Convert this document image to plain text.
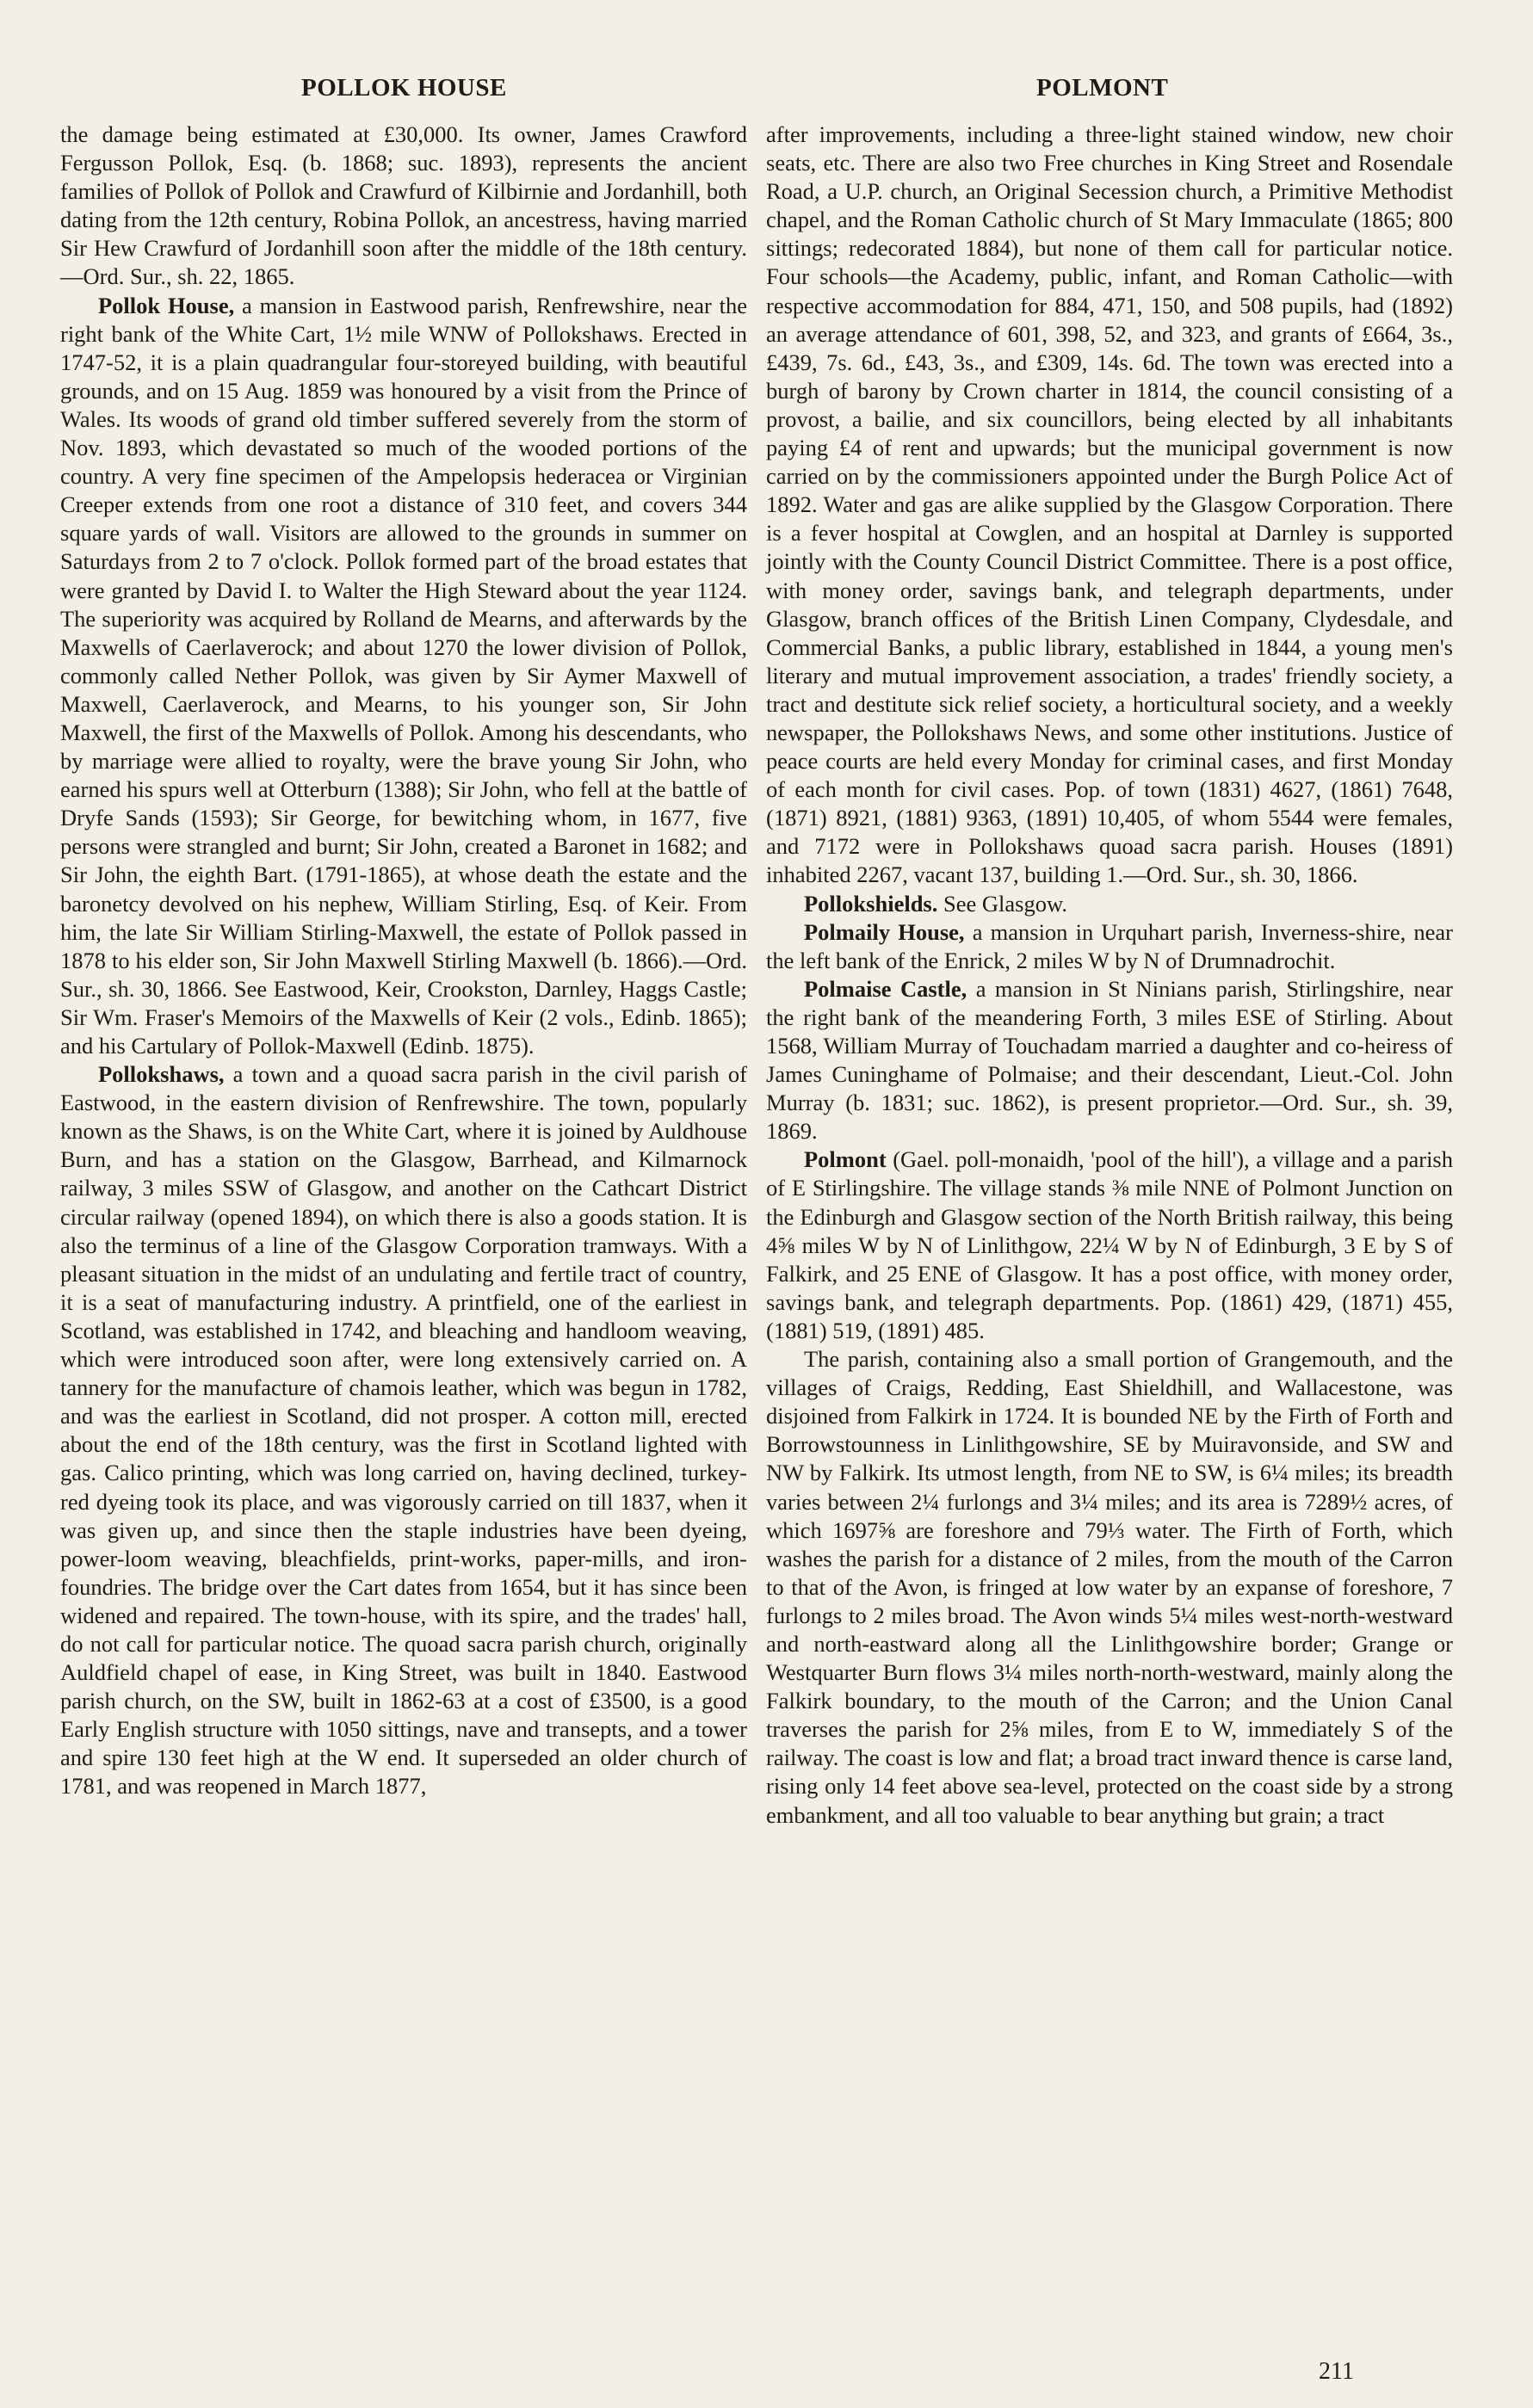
POLLOK HOUSE	POLMONT

the damage being estimated at £30,000. Its owner, James Crawford Fergusson Pollok, Esq. (b. 1868; suc. 1893), represents the ancient families of Pollok of Pollok and Crawfurd of Kilbirnie and Jordanhill, both dating from the 12th century, Robina Pollok, an ancestress, having married Sir Hew Crawfurd of Jordanhill soon after the middle of the 18th century.—Ord. Sur., sh. 22, 1865.

Pollok House, a mansion in Eastwood parish, Renfrewshire, near the right bank of the White Cart, 1½ mile WNW of Pollokshaws. Erected in 1747-52, it is a plain quadrangular four-storeyed building, with beautiful grounds, and on 15 Aug. 1859 was honoured by a visit from the Prince of Wales. Its woods of grand old timber suffered severely from the storm of Nov. 1893, which devastated so much of the wooded portions of the country. A very fine specimen of the Ampelopsis hederacea or Virginian Creeper extends from one root a distance of 310 feet, and covers 344 square yards of wall. Visitors are allowed to the grounds in summer on Saturdays from 2 to 7 o'clock. Pollok formed part of the broad estates that were granted by David I. to Walter the High Steward about the year 1124. The superiority was acquired by Rolland de Mearns, and afterwards by the Maxwells of Caerlaverock; and about 1270 the lower division of Pollok, commonly called Nether Pollok, was given by Sir Aymer Maxwell of Maxwell, Caerlaverock, and Mearns, to his younger son, Sir John Maxwell, the first of the Maxwells of Pollok. Among his descendants, who by marriage were allied to royalty, were the brave young Sir John, who earned his spurs well at Otterburn (1388); Sir John, who fell at the battle of Dryfe Sands (1593); Sir George, for bewitching whom, in 1677, five persons were strangled and burnt; Sir John, created a Baronet in 1682; and Sir John, the eighth Bart. (1791-1865), at whose death the estate and the baronetcy devolved on his nephew, William Stirling, Esq. of Keir. From him, the late Sir William Stirling-Maxwell, the estate of Pollok passed in 1878 to his elder son, Sir John Maxwell Stirling Maxwell (b. 1866).—Ord. Sur., sh. 30, 1866. See Eastwood, Keir, Crookston, Darnley, Haggs Castle; Sir Wm. Fraser's Memoirs of the Maxwells of Keir (2 vols., Edinb. 1865); and his Cartulary of Pollok-Maxwell (Edinb. 1875).

Pollokshaws, a town and a quoad sacra parish in the civil parish of Eastwood, in the eastern division of Renfrewshire. The town, popularly known as the Shaws, is on the White Cart, where it is joined by Auldhouse Burn, and has a station on the Glasgow, Barrhead, and Kilmarnock railway, 3 miles SSW of Glasgow, and another on the Cathcart District circular railway (opened 1894), on which there is also a goods station. It is also the terminus of a line of the Glasgow Corporation tramways. With a pleasant situation in the midst of an undulating and fertile tract of country, it is a seat of manufacturing industry. A printfield, one of the earliest in Scotland, was established in 1742, and bleaching and handloom weaving, which were introduced soon after, were long extensively carried on. A tannery for the manufacture of chamois leather, which was begun in 1782, and was the earliest in Scotland, did not prosper. A cotton mill, erected about the end of the 18th century, was the first in Scotland lighted with gas. Calico printing, which was long carried on, having declined, turkey-red dyeing took its place, and was vigorously carried on till 1837, when it was given up, and since then the staple industries have been dyeing, power-loom weaving, bleachfields, print-works, paper-mills, and iron-foundries. The bridge over the Cart dates from 1654, but it has since been widened and repaired. The town-house, with its spire, and the trades' hall, do not call for particular notice. The quoad sacra parish church, originally Auldfield chapel of ease, in King Street, was built in 1840. Eastwood parish church, on the SW, built in 1862-63 at a cost of £3500, is a good Early English structure with 1050 sittings, nave and transepts, and a tower and spire 130 feet high at the W end. It superseded an older church of 1781, and was reopened in March 1877,

after improvements, including a three-light stained window, new choir seats, etc. There are also two Free churches in King Street and Rosendale Road, a U.P. church, an Original Secession church, a Primitive Methodist chapel, and the Roman Catholic church of St Mary Immaculate (1865; 800 sittings; redecorated 1884), but none of them call for particular notice. Four schools—the Academy, public, infant, and Roman Catholic—with respective accommodation for 884, 471, 150, and 508 pupils, had (1892) an average attendance of 601, 398, 52, and 323, and grants of £664, 3s., £439, 7s. 6d., £43, 3s., and £309, 14s. 6d. The town was erected into a burgh of barony by Crown charter in 1814, the council consisting of a provost, a bailie, and six councillors, being elected by all inhabitants paying £4 of rent and upwards; but the municipal government is now carried on by the commissioners appointed under the Burgh Police Act of 1892. Water and gas are alike supplied by the Glasgow Corporation. There is a fever hospital at Cowglen, and an hospital at Darnley is supported jointly with the County Council District Committee. There is a post office, with money order, savings bank, and telegraph departments, under Glasgow, branch offices of the British Linen Company, Clydesdale, and Commercial Banks, a public library, established in 1844, a young men's literary and mutual improvement association, a trades' friendly society, a tract and destitute sick relief society, a horticultural society, and a weekly newspaper, the Pollokshaws News, and some other institutions. Justice of peace courts are held every Monday for criminal cases, and first Monday of each month for civil cases. Pop. of town (1831) 4627, (1861) 7648, (1871) 8921, (1881) 9363, (1891) 10,405, of whom 5544 were females, and 7172 were in Pollokshaws quoad sacra parish. Houses (1891) inhabited 2267, vacant 137, building 1.—Ord. Sur., sh. 30, 1866.

Pollokshields. See Glasgow.

Polmaily House, a mansion in Urquhart parish, Inverness-shire, near the left bank of the Enrick, 2 miles W by N of Drumnadrochit.

Polmaise Castle, a mansion in St Ninians parish, Stirlingshire, near the right bank of the meandering Forth, 3 miles ESE of Stirling. About 1568, William Murray of Touchadam married a daughter and co-heiress of James Cuninghame of Polmaise; and their descendant, Lieut.-Col. John Murray (b. 1831; suc. 1862), is present proprietor.—Ord. Sur., sh. 39, 1869.

Polmont (Gael. poll-monaidh, 'pool of the hill'), a village and a parish of E Stirlingshire. The village stands ⅜ mile NNE of Polmont Junction on the Edinburgh and Glasgow section of the North British railway, this being 4⅝ miles W by N of Linlithgow, 22¼ W by N of Edinburgh, 3 E by S of Falkirk, and 25 ENE of Glasgow. It has a post office, with money order, savings bank, and telegraph departments. Pop. (1861) 429, (1871) 455, (1881) 519, (1891) 485.

The parish, containing also a small portion of Grangemouth, and the villages of Craigs, Redding, East Shieldhill, and Wallacestone, was disjoined from Falkirk in 1724. It is bounded NE by the Firth of Forth and Borrowstounness in Linlithgowshire, SE by Muiravonside, and SW and NW by Falkirk. Its utmost length, from NE to SW, is 6¼ miles; its breadth varies between 2¼ furlongs and 3¼ miles; and its area is 7289½ acres, of which 1697⅝ are foreshore and 79⅓ water. The Firth of Forth, which washes the parish for a distance of 2 miles, from the mouth of the Carron to that of the Avon, is fringed at low water by an expanse of foreshore, 7 furlongs to 2 miles broad. The Avon winds 5¼ miles west-north-westward and north-eastward along all the Linlithgowshire border; Grange or Westquarter Burn flows 3¼ miles north-north-westward, mainly along the Falkirk boundary, to the mouth of the Carron; and the Union Canal traverses the parish for 2⅝ miles, from E to W, immediately S of the railway. The coast is low and flat; a broad tract inward thence is carse land, rising only 14 feet above sea-level, protected on the coast side by a strong embankment, and all too valuable to bear anything but grain; a tract

211
